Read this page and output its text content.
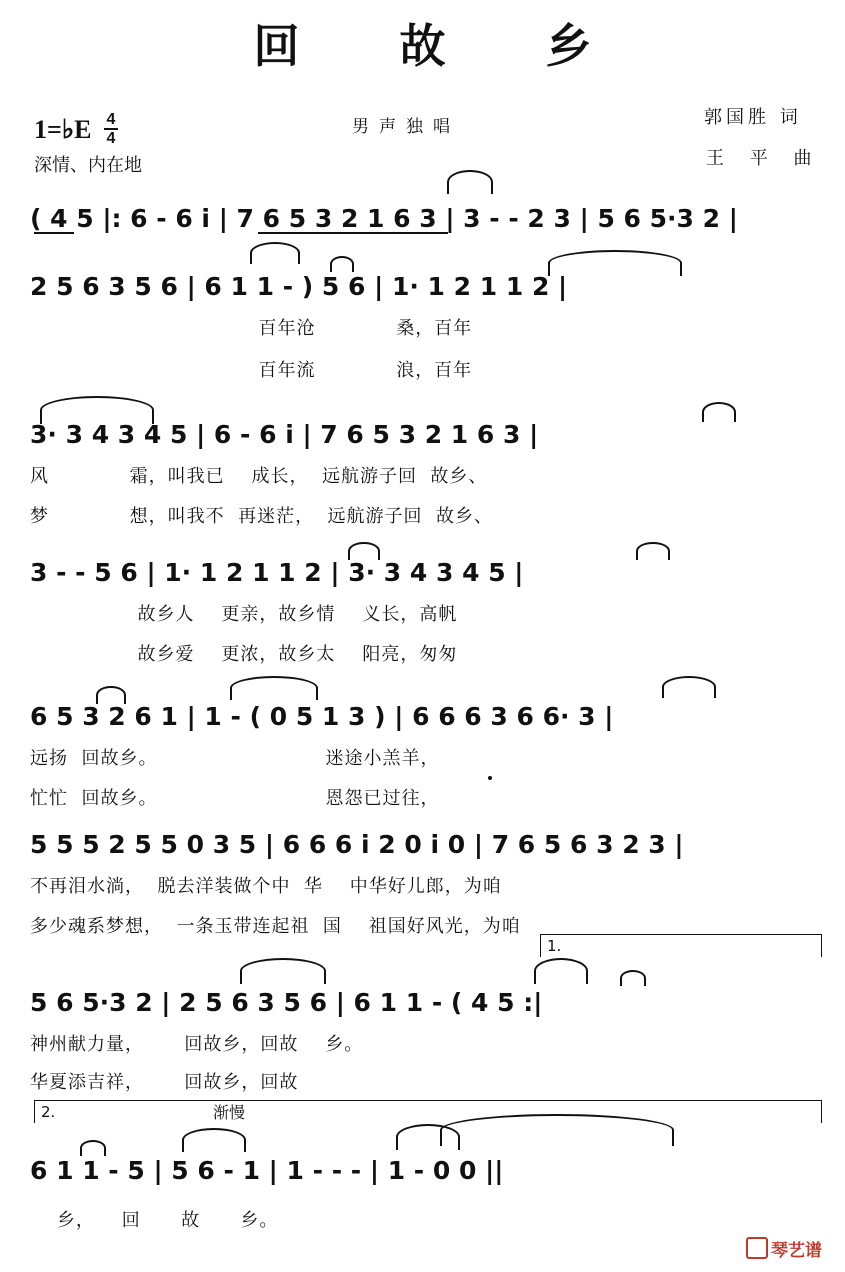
回 故 乡
1=♭E 4
4
深情、内在地
男声独唱	郭国胜 词
王 平 曲
( 4 5 |: 6 - 6 i | 7 6 5 3 2 1 6 3 | 3 - - 2 3 | 5 6 5·3 2 |
2 5 6 3 5 6 | 6 1 1 - ) 5 6 | 1· 1 2 1 1 2 |
百年沧            桑，百年
百年流            浪，百年
3· 3 4 3 4 5 | 6 - 6 i | 7 6 5 3 2 1 6 3 |
风            霜，叫我已    成长，  远航游子回  故乡、
梦            想，叫我不  再迷茫，  远航游子回  故乡、
3 - - 5 6 | 1· 1 2 1 1 2 | 3· 3 4 3 4 5 |
故乡人    更亲，故乡情    义长，高帆
故乡爱    更浓，故乡太    阳亮，匆匆
6 5 3 2 6 1 | 1 - ( 0 5 1 3 ) | 6 6 6 3 6 6· 3 |
远扬  回故乡。                         迷途小羔羊，
忙忙  回故乡。                         恩怨已过往，
5 5 5 2 5 5 0 3 5 | 6 6 6 i 2 0 i 0 | 7 6 5 6 3 2 3 |
不再泪水淌，  脱去洋装做个中  华    中华好儿郎，为咱
多少魂系梦想，  一条玉带连起祖  国    祖国好风光，为咱
1.
5 6 5·3 2 | 2 5 6 3 5 6 | 6 1 1 - ( 4 5 :|
神州献力量，      回故乡，回故    乡。
华夏添吉祥，      回故乡，回故
2.	渐慢
6 1 1 - 5 | 5 6 - 1 | 1 - - - | 1 - 0 0 ||
乡，    回      故      乡。
琴艺谱
